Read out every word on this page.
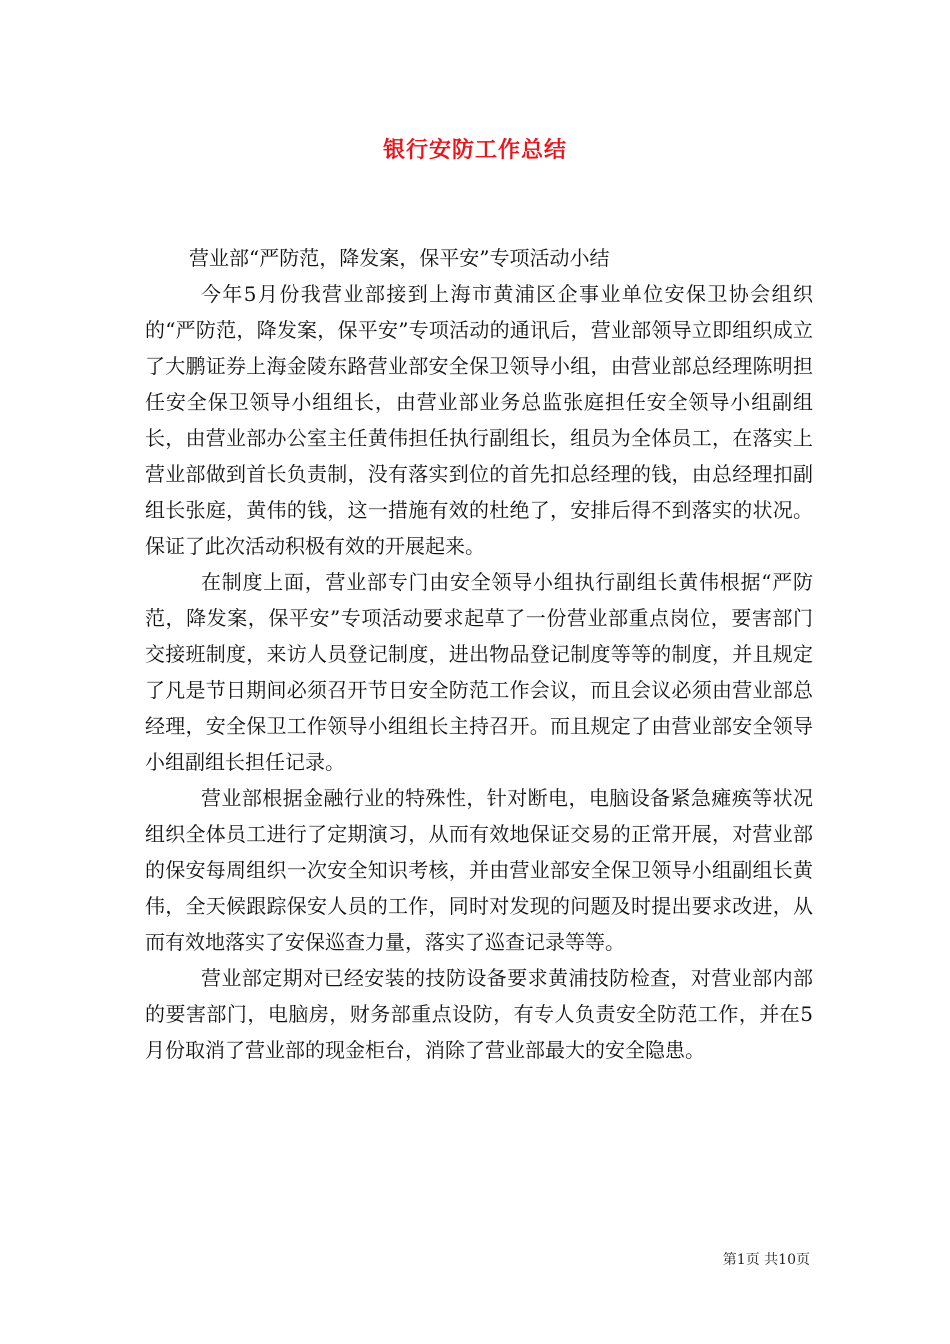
银行安防工作总结

营业部“严防范，降发案，保平安”专项活动小结

今年5月份我营业部接到上海市黄浦区企事业单位安保卫协会组织的“严防范，降发案，保平安”专项活动的通讯后，营业部领导立即组织成立了大鹏证券上海金陵东路营业部安全保卫领导小组，由营业部总经理陈明担任安全保卫领导小组组长，由营业部业务总监张庭担任安全领导小组副组长，由营业部办公室主任黄伟担任执行副组长，组员为全体员工，在落实上营业部做到首长负责制，没有落实到位的首先扣总经理的钱，由总经理扣副组长张庭，黄伟的钱，这一措施有效的杜绝了，安排后得不到落实的状况。保证了此次活动积极有效的开展起来。

在制度上面，营业部专门由安全领导小组执行副组长黄伟根据“严防范，降发案，保平安”专项活动要求起草了一份营业部重点岗位，要害部门交接班制度，来访人员登记制度，进出物品登记制度等等的制度，并且规定了凡是节日期间必须召开节日安全防范工作会议，而且会议必须由营业部总经理，安全保卫工作领导小组组长主持召开。而且规定了由营业部安全领导小组副组长担任记录。

营业部根据金融行业的特殊性，针对断电，电脑设备紧急瘫痪等状况组织全体员工进行了定期演习，从而有效地保证交易的正常开展，对营业部的保安每周组织一次安全知识考核，并由营业部安全保卫领导小组副组长黄伟，全天候跟踪保安人员的工作，同时对发现的问题及时提出要求改进，从而有效地落实了安保巡查力量，落实了巡查记录等等。

营业部定期对已经安装的技防设备要求黄浦技防检查，对营业部内部的要害部门，电脑房，财务部重点设防，有专人负责安全防范工作，并在5月份取消了营业部的现金柜台，消除了营业部最大的安全隐患。

第1页 共10页
